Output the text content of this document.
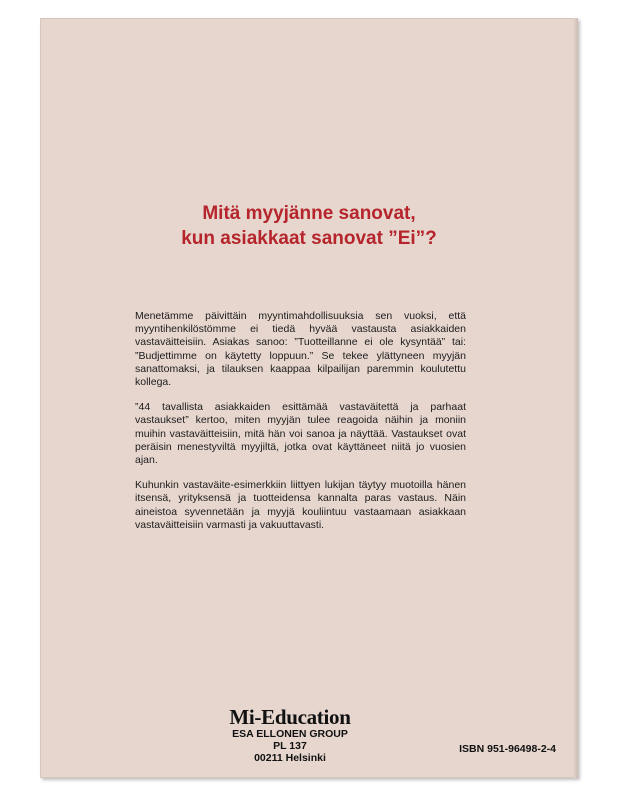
Mitä myyjänne sanovat,
kun asiakkaat sanovat ”Ei”?

Menetämme päivittäin myyntimahdollisuuksia sen vuoksi, että myyntihenkilöstömme ei tiedä hyvää vastausta asiakkaiden vastaväitteisiin. Asiakas sanoo: ”Tuotteillanne ei ole kysyntää” tai: ”Budjettimme on käytetty loppuun.” Se tekee ylättyneen myyjän sanattomaksi, ja tilauksen kaappaa kilpailijan paremmin koulutettu kollega.

”44 tavallista asiakkaiden esittämää vastaväitettä ja parhaat vastaukset” kertoo, miten myyjän tulee reagoida näihin ja moniin muihin vastaväitteisiin, mitä hän voi sanoa ja näyttää. Vastaukset ovat peräisin menestyviltä myyjiltä, jotka ovat käyttäneet niitä jo vuosien ajan.

Kuhunkin vastaväite-esimerkkiin liittyen lukijan täytyy muotoilla hänen itsensä, yrityksensä ja tuotteidensa kannalta paras vastaus. Näin aineistoa syvennetään ja myyjä kouliintuu vastaamaan asiakkaan vastaväitteisiin varmasti ja vakuuttavasti.

Mi-Education
ESA ELLONEN GROUP
PL 137
00211 Helsinki
ISBN 951-96498-2-4
